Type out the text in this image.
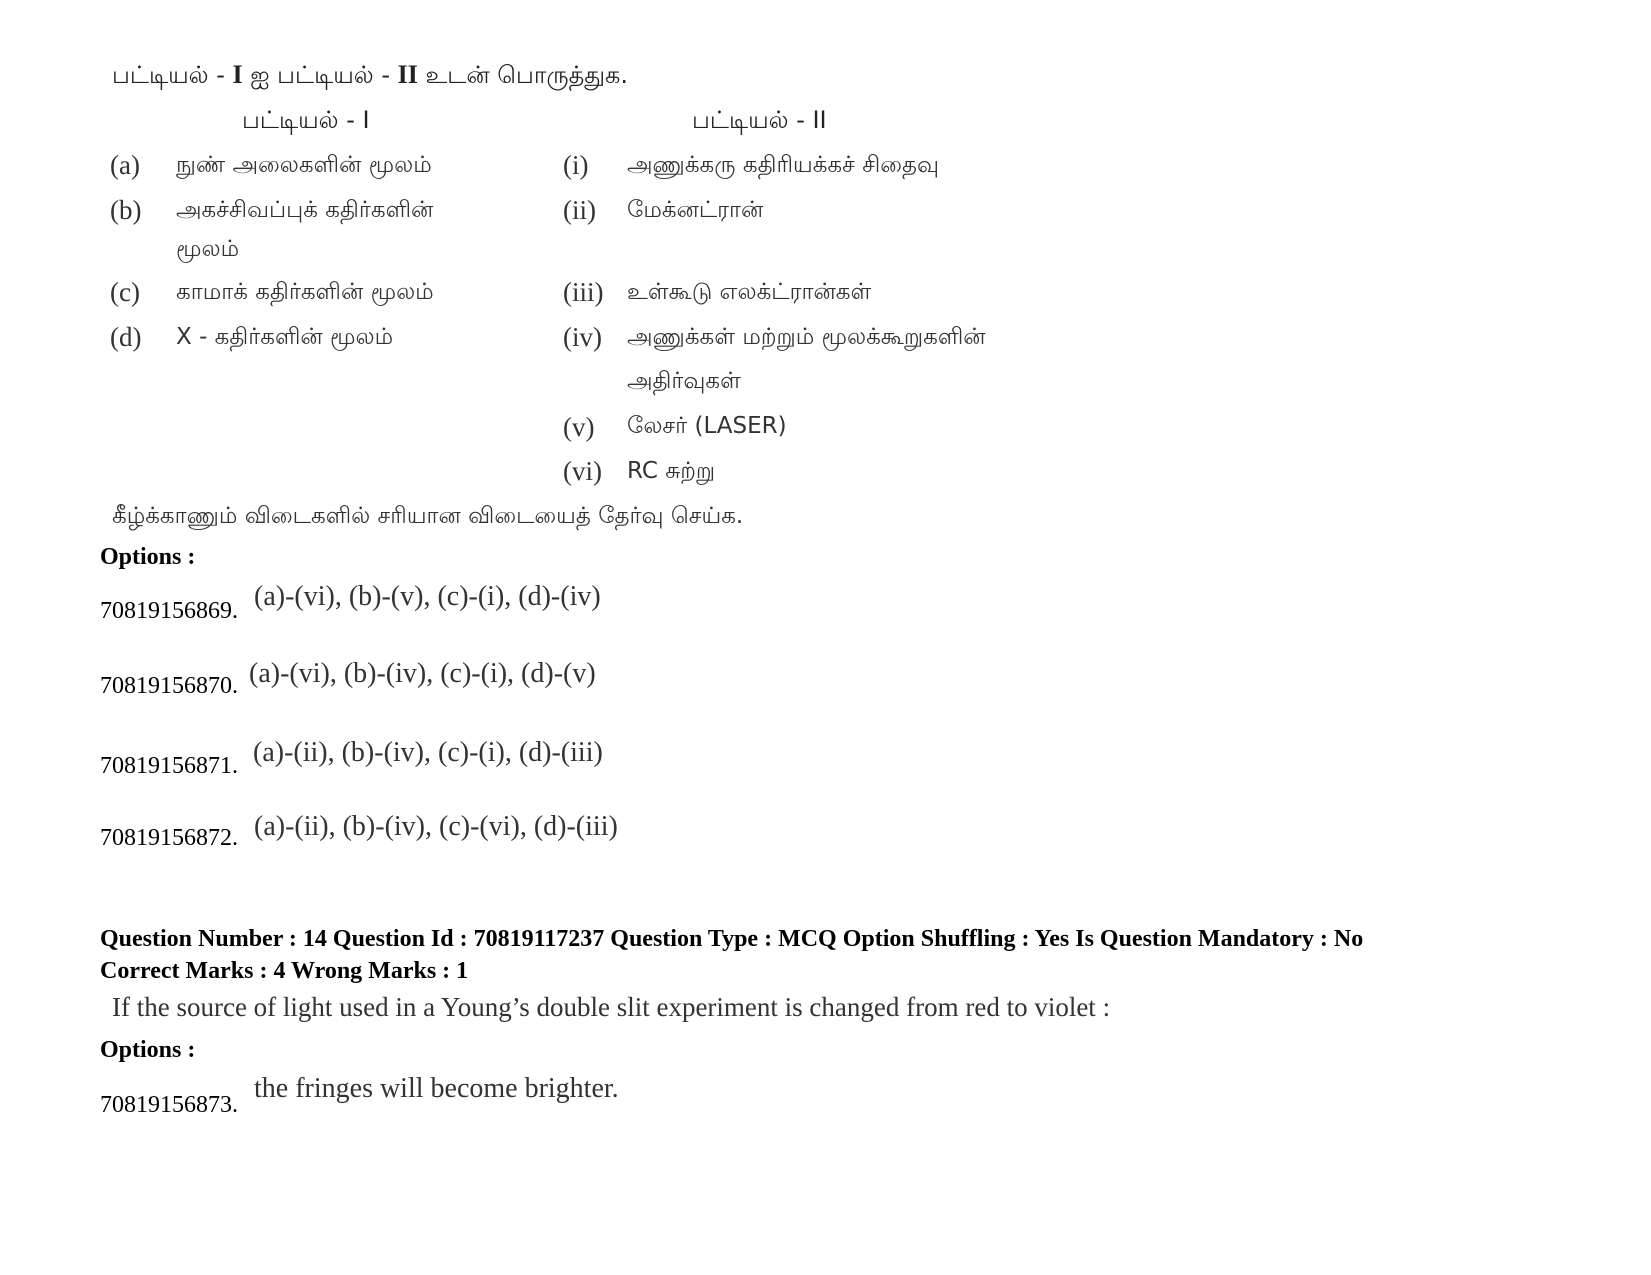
பட்டியல் - I ஐ பட்டியல் - II உடன் பொருத்துக.
பட்டியல் - I	பட்டியல் - II
(a) நுண் அலைகளின் மூலம்
(b) அகச்சிவப்புக் கதிர்களின்
மூலம்
(c) காமாக் கதிர்களின் மூலம்
(d) X - கதிர்களின் மூலம்
(i) அணுக்கரு கதிரியக்கச் சிதைவு
(ii) மேக்னட்ரான்
(iii) உள்கூடு எலக்ட்ரான்கள்
(iv) அணுக்கள் மற்றும் மூலக்கூறுகளின்
அதிர்வுகள்
(v) லேசர் (LASER)
(vi) RC சுற்று
கீழ்க்காணும் விடைகளில் சரியான விடையைத் தேர்வு செய்க.
Options :
70819156869. (a)-(vi), (b)-(v), (c)-(i), (d)-(iv)
70819156870. (a)-(vi), (b)-(iv), (c)-(i), (d)-(v)
70819156871. (a)-(ii), (b)-(iv), (c)-(i), (d)-(iii)
70819156872. (a)-(ii), (b)-(iv), (c)-(vi), (d)-(iii)
Question Number : 14 Question Id : 70819117237 Question Type : MCQ Option Shuffling : Yes Is Question Mandatory : No
Correct Marks : 4 Wrong Marks : 1
If the source of light used in a Young’s double slit experiment is changed from red to violet :
Options :
70819156873.
the fringes will become brighter.
